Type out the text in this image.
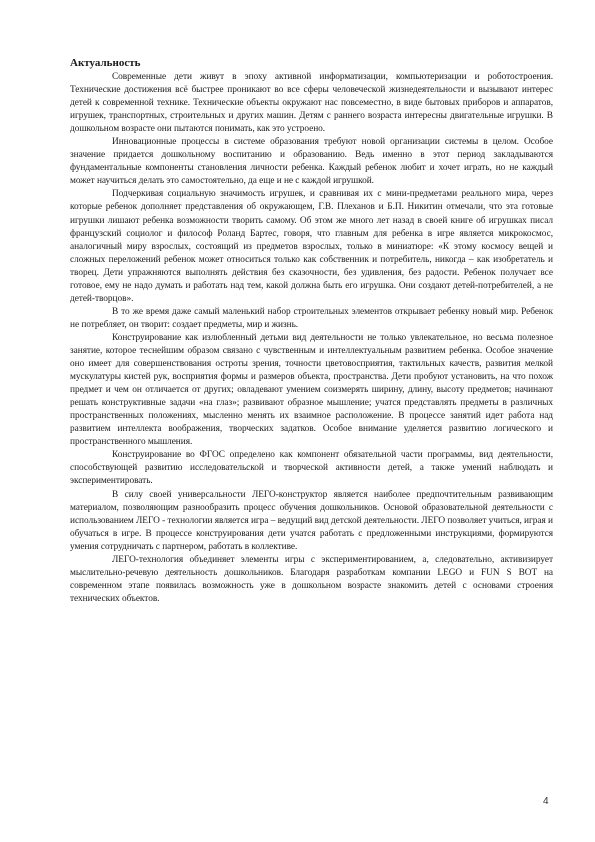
Актуальность

Современные дети живут в эпоху активной информатизации, компьютеризации и роботостроения. Технические достижения всё быстрее проникают во все сферы человеческой жизнедеятельности и вызывают интерес детей к современной технике. Технические объекты окружают нас повсеместно, в виде бытовых приборов и аппаратов, игрушек, транспортных, строительных и других машин. Детям с раннего возраста интересны двигательные игрушки. В дошкольном возрасте они пытаются понимать, как это устроено.

Инновационные процессы в системе образования требуют новой организации системы в целом. Особое значение придается дошкольному воспитанию и образованию. Ведь именно в этот период закладываются фундаментальные компоненты становления личности ребенка. Каждый ребенок любит и хочет играть, но не каждый может научиться делать это самостоятельно, да еще и не с каждой игрушкой.

Подчеркивая социальную значимость игрушек, и сравнивая их с мини-предметами реального мира, через которые ребенок дополняет представления об окружающем, Г.В. Плеханов и Б.П. Никитин отмечали, что эта готовые игрушки лишают ребенка возможности творить самому. Об этом же много лет назад в своей книге об игрушках писал французский социолог и философ Роланд Бартес, говоря, что главным для ребенка в игре является микрокосмос, аналогичный миру взрослых, состоящий из предметов взрослых, только в миниатюре: «К этому космосу вещей и сложных переложений ребенок может относиться только как собственник и потребитель, никогда – как изобретатель и творец. Дети упражняются выполнять действия без сказочности, без удивления, без радости. Ребенок получает все готовое, ему не надо думать и работать над тем, какой должна быть его игрушка. Они создают детей-потребителей, а не детей-творцов».

В то же время даже самый маленький набор строительных элементов открывает ребенку новый мир. Ребенок не потребляет, он творит: создает предметы, мир и жизнь.

Конструирование как излюбленный детьми вид деятельности не только увлекательное, но весьма полезное занятие, которое теснейшим образом связано с чувственным и интеллектуальным развитием ребенка. Особое значение оно имеет для совершенствования остроты зрения, точности цветовосприятия, тактильных качеств, развития мелкой мускулатуры кистей рук, восприятия формы и размеров объекта, пространства. Дети пробуют установить, на что похож предмет и чем он отличается от других; овладевают умением соизмерять ширину, длину, высоту предметов; начинают решать конструктивные задачи «на глаз»; развивают образное мышление; учатся представлять предметы в различных пространственных положениях, мысленно менять их взаимное расположение. В процессе занятий идет работа над развитием интеллекта воображения, творческих задатков. Особое внимание уделяется развитию логического и пространственного мышления.

Конструирование во ФГОС определено как компонент обязательной части программы, вид деятельности, способствующей развитию исследовательской и творческой активности детей, а также умений наблюдать и экспериментировать.

В силу своей универсальности ЛЕГО-конструктор является наиболее предпочтительным развивающим материалом, позволяющим разнообразить процесс обучения дошкольников. Основой образовательной деятельности с использованием ЛЕГО - технологии является игра – ведущий вид детской деятельности. ЛЕГО позволяет учиться, играя и обучаться в игре. В процессе конструирования дети учатся работать с предложенными инструкциями, формируются умения сотрудничать с партнером, работать в коллективе.

ЛЕГО-технология объединяет элементы игры с экспериментированием, а, следовательно, активизирует мыслительно-речевую деятельность дошкольников. Благодаря разработкам компании LEGO и FUN S BOT на современном этапе появилась возможность уже в дошкольном возрасте знакомить детей с основами строения технических объектов.

4
